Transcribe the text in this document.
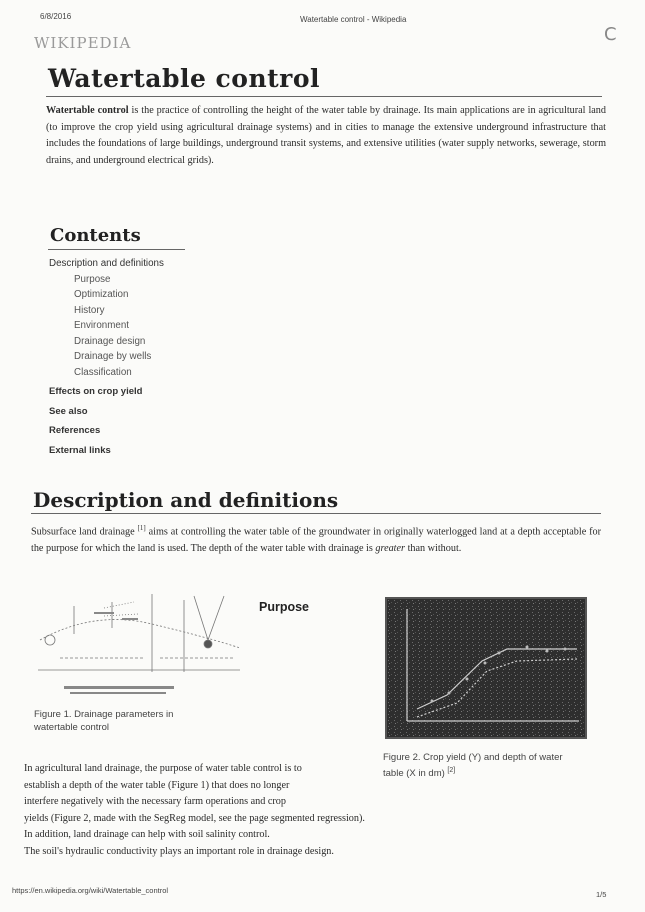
6/8/2016	Watertable control - Wikipedia
WIKIPEDIA	C
Watertable control
Watertable control is the practice of controlling the height of the water table by drainage. Its main applications are in agricultural land (to improve the crop yield using agricultural drainage systems) and in cities to manage the extensive underground infrastructure that includes the foundations of large buildings, underground transit systems, and extensive utilities (water supply networks, sewerage, storm drains, and underground electrical grids).
Contents
Description and definitions
Purpose
Optimization
History
Environment
Drainage design
Drainage by wells
Classification
Effects on crop yield
See also
References
External links
Description and definitions
Subsurface land drainage [1] aims at controlling the water table of the groundwater in originally waterlogged land at a depth acceptable for the purpose for which the land is used. The depth of the water table with drainage is greater than without.
Figure 1. Drainage parameters in watertable control
Purpose
Figure 2. Crop yield (Y) and depth of water table (X in dm) [2]
In agricultural land drainage, the purpose of water table control is to
establish a depth of the water table (Figure 1) that does no longer
interfere negatively with the necessary farm operations and crop
yields (Figure 2, made with the SegReg model, see the page segmented regression).
In addition, land drainage can help with soil salinity control.
The soil's hydraulic conductivity plays an important role in drainage design.
https://en.wikipedia.org/wiki/Watertable_control	1/5
